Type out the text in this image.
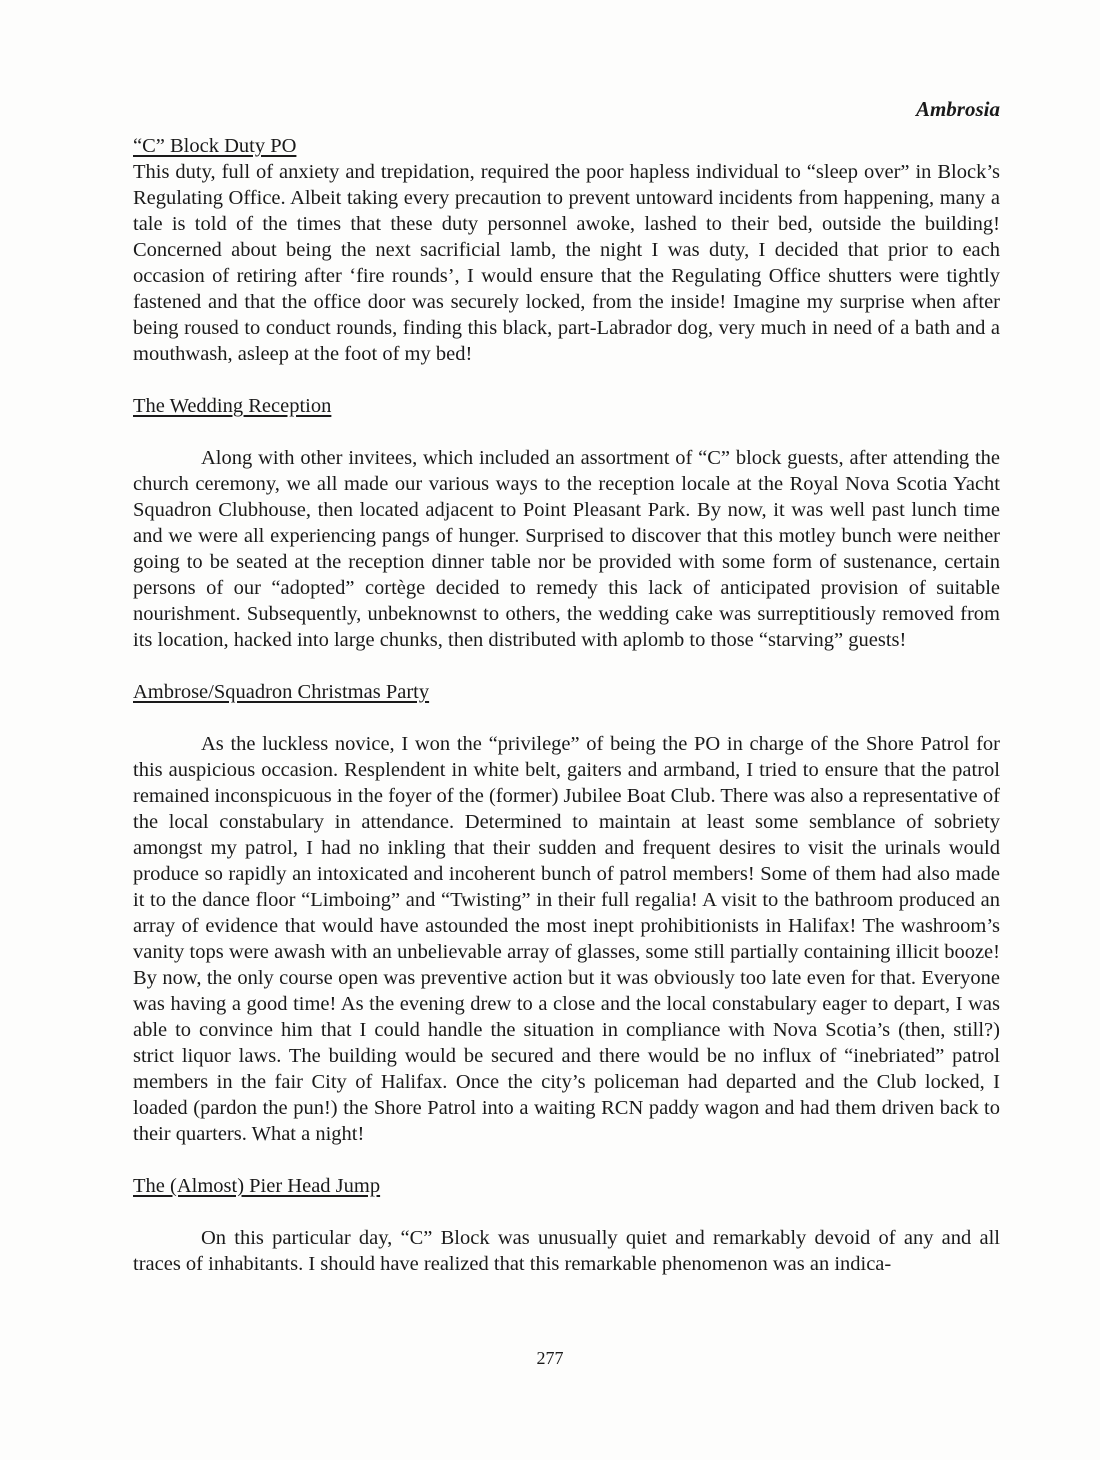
Ambrosia

“C” Block Duty PO

This duty, full of anxiety and trepidation, required the poor hapless individual to “sleep over” in Block’s Regulating Office. Albeit taking every precaution to prevent untoward incidents from happening, many a tale is told of the times that these duty personnel awoke, lashed to their bed, outside the building! Concerned about being the next sacrificial lamb, the night I was duty, I decided that prior to each occasion of retiring after ‘fire rounds’, I would ensure that the Regulating Office shutters were tightly fastened and that the office door was securely locked, from the inside! Imagine my surprise when after being roused to conduct rounds, finding this black, part-Labrador dog, very much in need of a bath and a mouthwash, asleep at the foot of my bed!

The Wedding Reception

Along with other invitees, which included an assortment of “C” block guests, after attending the church ceremony, we all made our various ways to the reception locale at the Royal Nova Scotia Yacht Squadron Clubhouse, then located adjacent to Point Pleasant Park. By now, it was well past lunch time and we were all experiencing pangs of hunger. Surprised to discover that this motley bunch were neither going to be seated at the reception dinner table nor be provided with some form of sustenance, certain persons of our “adopted” cortège decided to remedy this lack of anticipated provision of suitable nourishment. Subsequently, unbeknownst to others, the wedding cake was surreptitiously removed from its location, hacked into large chunks, then distributed with aplomb to those “starving” guests!

Ambrose/Squadron Christmas Party

As the luckless novice, I won the “privilege” of being the PO in charge of the Shore Patrol for this auspicious occasion. Resplendent in white belt, gaiters and armband, I tried to ensure that the patrol remained inconspicuous in the foyer of the (former) Jubilee Boat Club. There was also a representative of the local constabulary in attendance. Determined to maintain at least some semblance of sobriety amongst my patrol, I had no inkling that their sudden and frequent desires to visit the urinals would produce so rapidly an intoxicated and incoherent bunch of patrol members! Some of them had also made it to the dance floor “Limboing” and “Twisting” in their full regalia! A visit to the bathroom produced an array of evidence that would have astounded the most inept prohibitionists in Halifax! The washroom’s vanity tops were awash with an unbelievable array of glasses, some still partially containing illicit booze! By now, the only course open was preventive action but it was obviously too late even for that. Everyone was having a good time! As the evening drew to a close and the local constabulary eager to depart, I was able to convince him that I could handle the situation in compliance with Nova Scotia’s (then, still?) strict liquor laws. The building would be secured and there would be no influx of “inebriated” patrol members in the fair City of Halifax. Once the city’s policeman had departed and the Club locked, I loaded (pardon the pun!) the Shore Patrol into a waiting RCN paddy wagon and had them driven back to their quarters. What a night!

The (Almost) Pier Head Jump

On this particular day, “C” Block was unusually quiet and remarkably devoid of any and all traces of inhabitants. I should have realized that this remarkable phenomenon was an indica-

277
